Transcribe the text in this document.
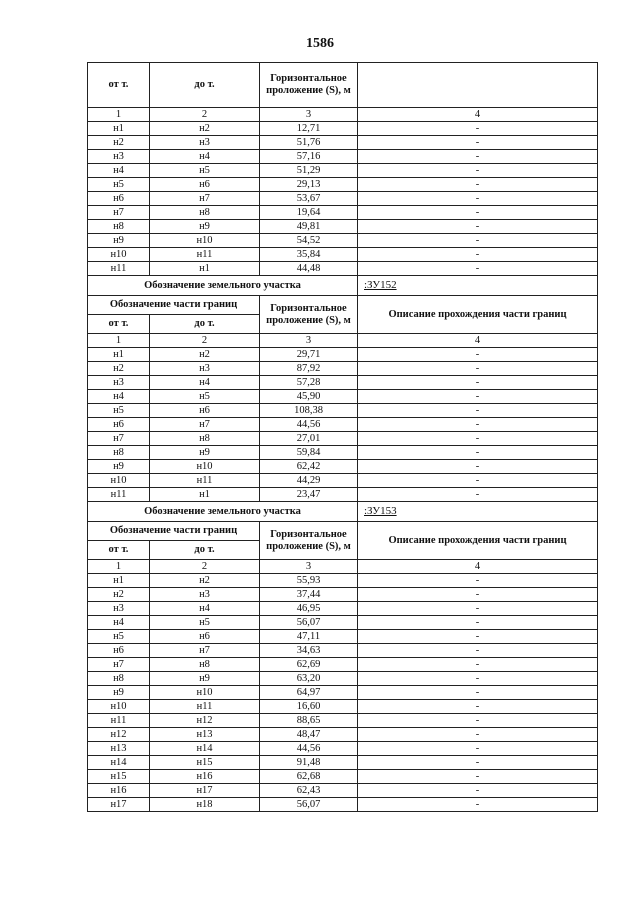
1586
от т.	до т.	Горизонтальное проложение (S), м	
1	2	3	4
н1	н2	12,71	-
н2	н3	51,76	-
н3	н4	57,16	-
н4	н5	51,29	-
н5	н6	29,13	-
н6	н7	53,67	-
н7	н8	19,64	-
н8	н9	49,81	-
н9	н10	54,52	-
н10	н11	35,84	-
н11	н1	44,48	-
Обозначение земельного участка			:ЗУ152
Обозначение части границ		Горизонтальное проложение (S), м	Описание прохождения части границ
от т.	до т.		
1	2	3	4
н1	н2	29,71	-
н2	н3	87,92	-
н3	н4	57,28	-
н4	н5	45,90	-
н5	н6	108,38	-
н6	н7	44,56	-
н7	н8	27,01	-
н8	н9	59,84	-
н9	н10	62,42	-
н10	н11	44,29	-
н11	н1	23,47	-
Обозначение земельного участка			:ЗУ153
Обозначение части границ		Горизонтальное проложение (S), м	Описание прохождения части границ
от т.	до т.		
1	2	3	4
н1	н2	55,93	-
н2	н3	37,44	-
н3	н4	46,95	-
н4	н5	56,07	-
н5	н6	47,11	-
н6	н7	34,63	-
н7	н8	62,69	-
н8	н9	63,20	-
н9	н10	64,97	-
н10	н11	16,60	-
н11	н12	88,65	-
н12	н13	48,47	-
н13	н14	44,56	-
н14	н15	91,48	-
н15	н16	62,68	-
н16	н17	62,43	-
н17	н18	56,07	-
